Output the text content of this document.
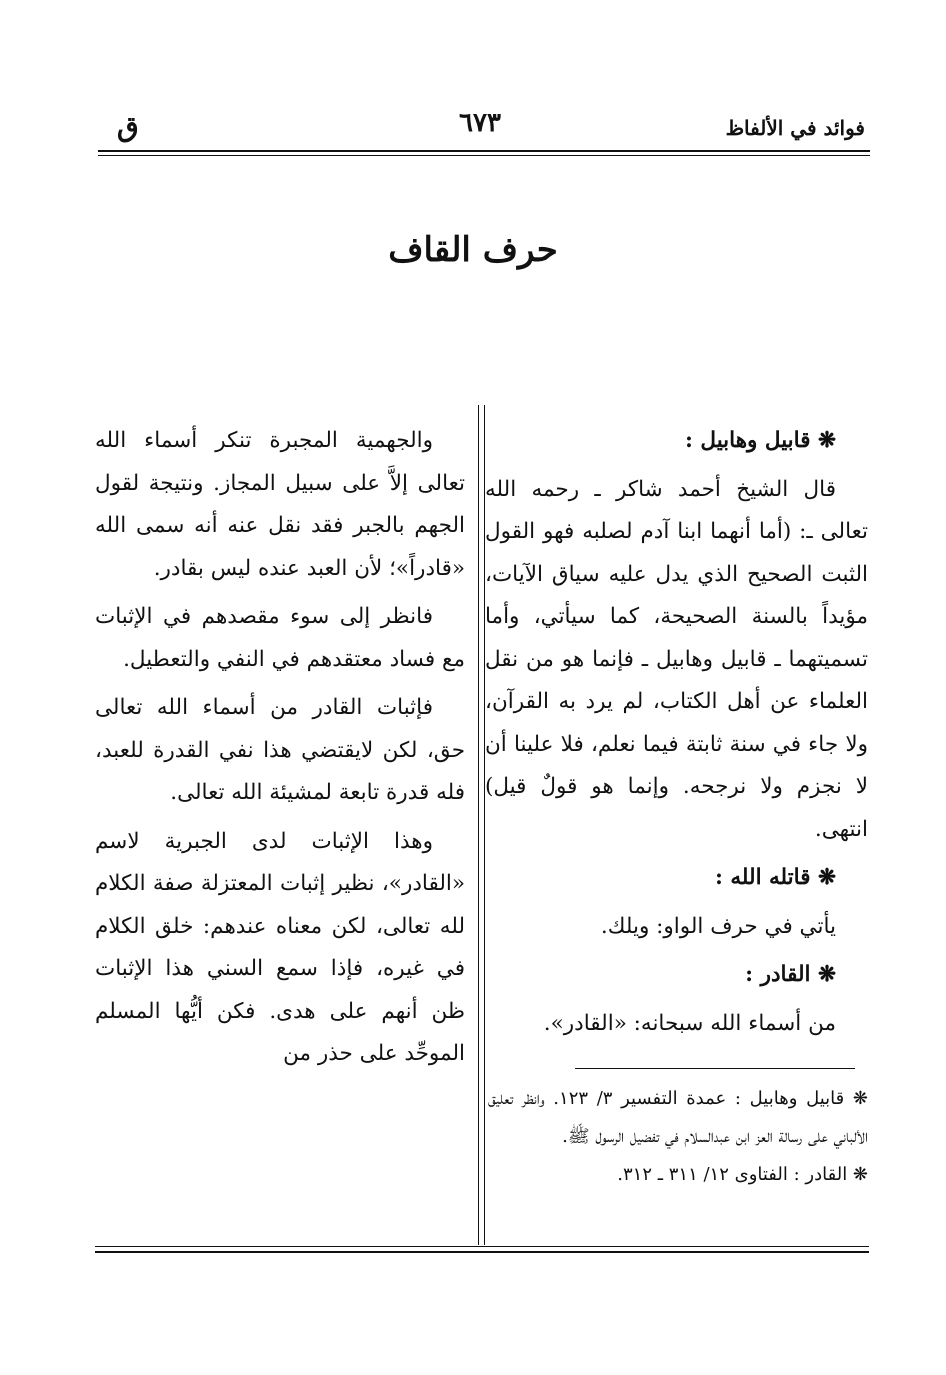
فوائد في الألفاظ
٦٧٣
ق
حرف القاف

❋ قابيل وهابيل :

قال الشيخ أحمد شاكر ـ رحمه الله تعالى ـ: (أما أنهما ابنا آدم لصلبه فهو القول الثبت الصحيح الذي يدل عليه سياق الآيات، مؤيداً بالسنة الصحيحة، كما سيأتي، وأما تسميتهما ـ قابيل وهابيل ـ فإنما هو من نقل العلماء عن أهل الكتاب، لم يرد به القرآن، ولا جاء في سنة ثابتة فيما نعلم، فلا علينا أن لا نجزم ولا نرجحه. وإنما هو قولٌ قيل) انتهى.

❋ قاتله الله :

يأتي في حرف الواو: ويلك.

❋ القادر :

من أسماء الله سبحانه: «القادر».

❋ قابيل وهابيل : عمدة التفسير ٣/ ١٢٣. وانظر تعليق الألباني على رسالة العز ابن عبدالسلام في تفضيل الرسول ﷺ.

❋ القادر : الفتاوى ١٢/ ٣١١ ـ ٣١٢.

والجهمية المجبرة تنكر أسماء الله تعالى إلاَّ على سبيل المجاز. ونتيجة لقول الجهم بالجبر فقد نقل عنه أنه سمى الله «قادراً»؛ لأن العبد عنده ليس بقادر.

فانظر إلى سوء مقصدهم في الإثبات مع فساد معتقدهم في النفي والتعطيل.

فإثبات القادر من أسماء الله تعالى حق، لكن لايقتضي هذا نفي القدرة للعبد، فله قدرة تابعة لمشيئة الله تعالى.

وهذا الإثبات لدى الجبرية لاسم «القادر»، نظير إثبات المعتزلة صفة الكلام لله تعالى، لكن معناه عندهم: خلق الكلام في غيره، فإذا سمع السني هذا الإثبات ظن أنهم على هدى. فكن أيُّها المسلم الموحِّد على حذر من
